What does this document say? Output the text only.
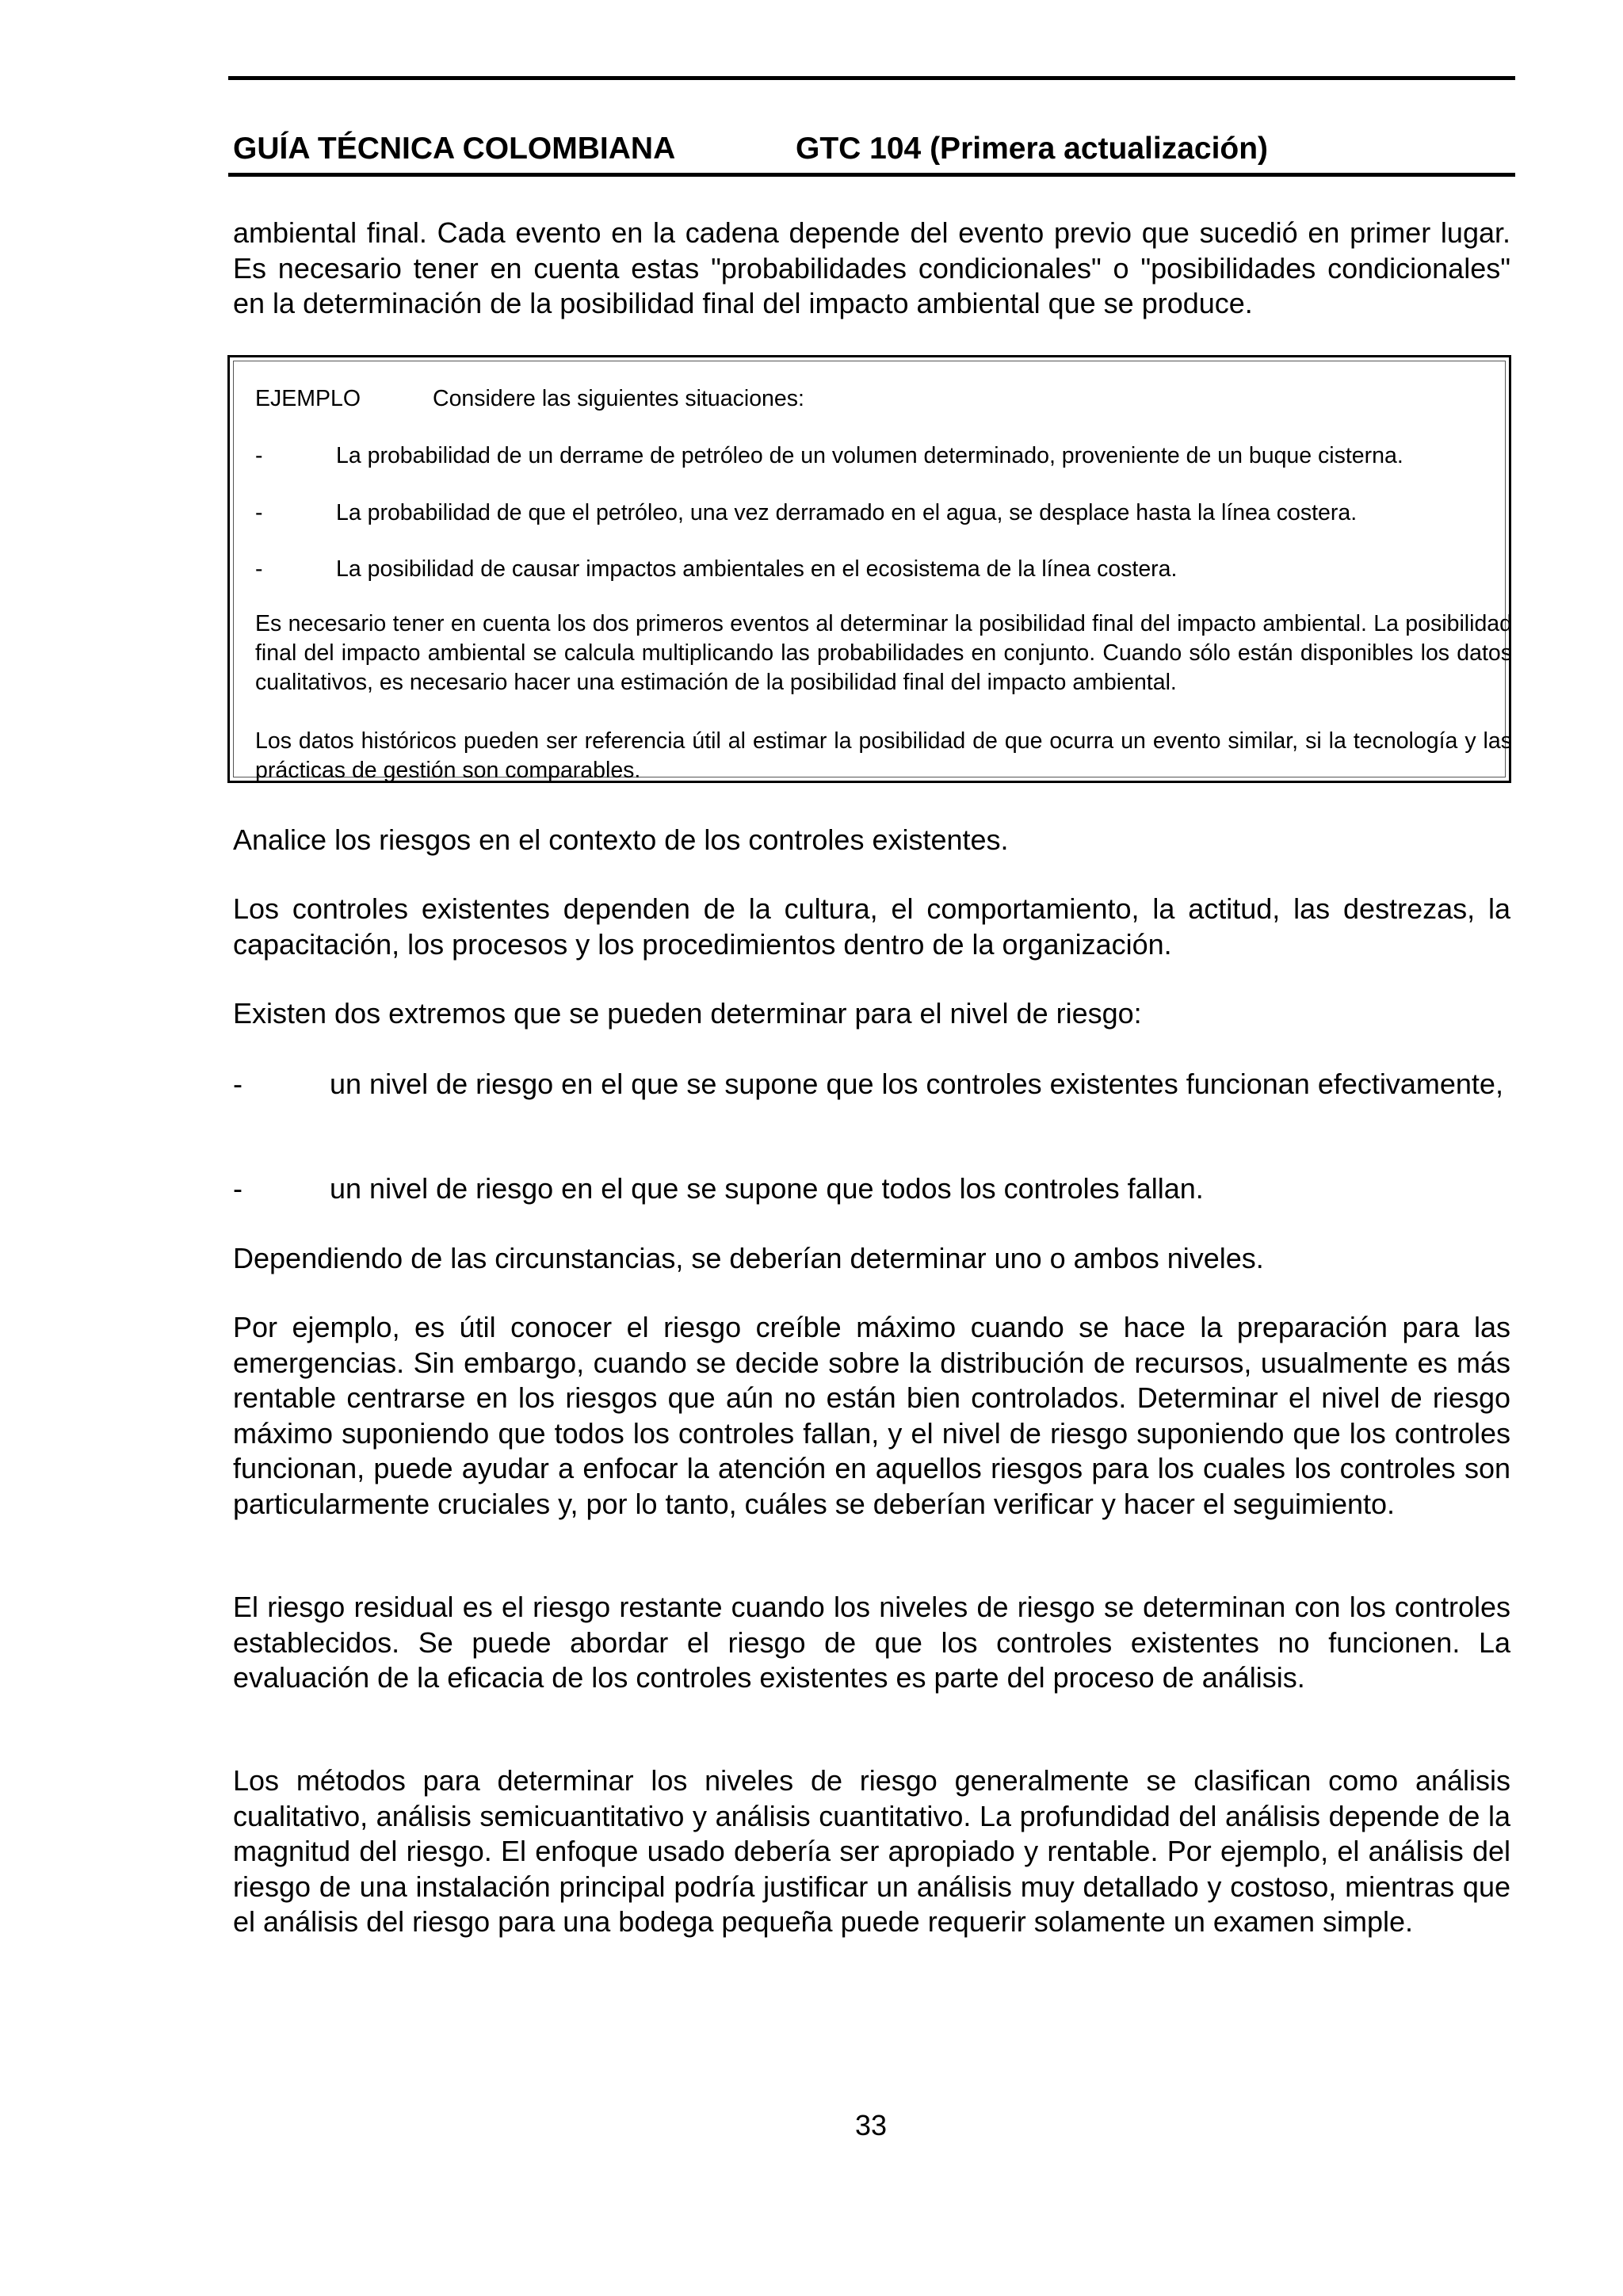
GUÍA TÉCNICA COLOMBIANA	GTC 104 (Primera actualización)
ambiental final. Cada evento en la cadena depende del evento previo que sucedió en primer lugar. Es necesario tener en cuenta estas "probabilidades condicionales" o "posibilidades condicionales" en la determinación de la posibilidad final del impacto ambiental que se produce.
EJEMPLO	Considere las siguientes situaciones:
-	La probabilidad de un derrame de petróleo de un volumen determinado, proveniente de un buque cisterna.
-	La probabilidad de que el petróleo, una vez derramado en el agua, se desplace hasta la línea costera.
-	La posibilidad de causar impactos ambientales en el ecosistema de la línea costera.
Es necesario tener en cuenta los dos primeros eventos al determinar la posibilidad final del impacto ambiental. La posibilidad final del impacto ambiental se calcula multiplicando las probabilidades en conjunto. Cuando sólo están disponibles los datos cualitativos, es necesario hacer una estimación de la posibilidad final del impacto ambiental.
Los datos históricos pueden ser referencia útil al estimar la posibilidad de que ocurra un evento similar, si la tecnología y las prácticas de gestión son comparables.
Analice los riesgos en el contexto de los controles existentes.
Los controles existentes dependen de la cultura, el comportamiento, la actitud, las destrezas, la capacitación, los procesos y los procedimientos dentro de la organización.
Existen dos extremos que se pueden determinar para el nivel de riesgo:
-	un nivel de riesgo en el que se supone que los controles existentes funcionan efectivamente,
-	un nivel de riesgo en el que se supone que todos los controles fallan.
Dependiendo de las circunstancias, se deberían determinar uno o ambos niveles.
Por ejemplo, es útil conocer el riesgo creíble máximo cuando se hace la preparación para las emergencias. Sin embargo, cuando se decide sobre la distribución de recursos, usualmente es más rentable centrarse en los riesgos que aún no están bien controlados. Determinar el nivel de riesgo máximo suponiendo que todos los controles fallan, y el nivel de riesgo suponiendo que los controles funcionan, puede ayudar a enfocar la atención en aquellos riesgos para los cuales los controles son particularmente cruciales y, por lo tanto, cuáles se deberían verificar y hacer el seguimiento.
El riesgo residual es el riesgo restante cuando los niveles de riesgo se determinan con los controles establecidos. Se puede abordar el riesgo de que los controles existentes no funcionen. La evaluación de la eficacia de los controles existentes es parte del proceso de análisis.
Los métodos para determinar los niveles de riesgo generalmente se clasifican como análisis cualitativo, análisis semicuantitativo y análisis cuantitativo. La profundidad del análisis depende de la magnitud del riesgo. El enfoque usado debería ser apropiado y rentable. Por ejemplo, el análisis del riesgo de una instalación principal podría justificar un análisis muy detallado y costoso, mientras que el análisis del riesgo para una bodega pequeña puede requerir solamente un examen simple.
33
